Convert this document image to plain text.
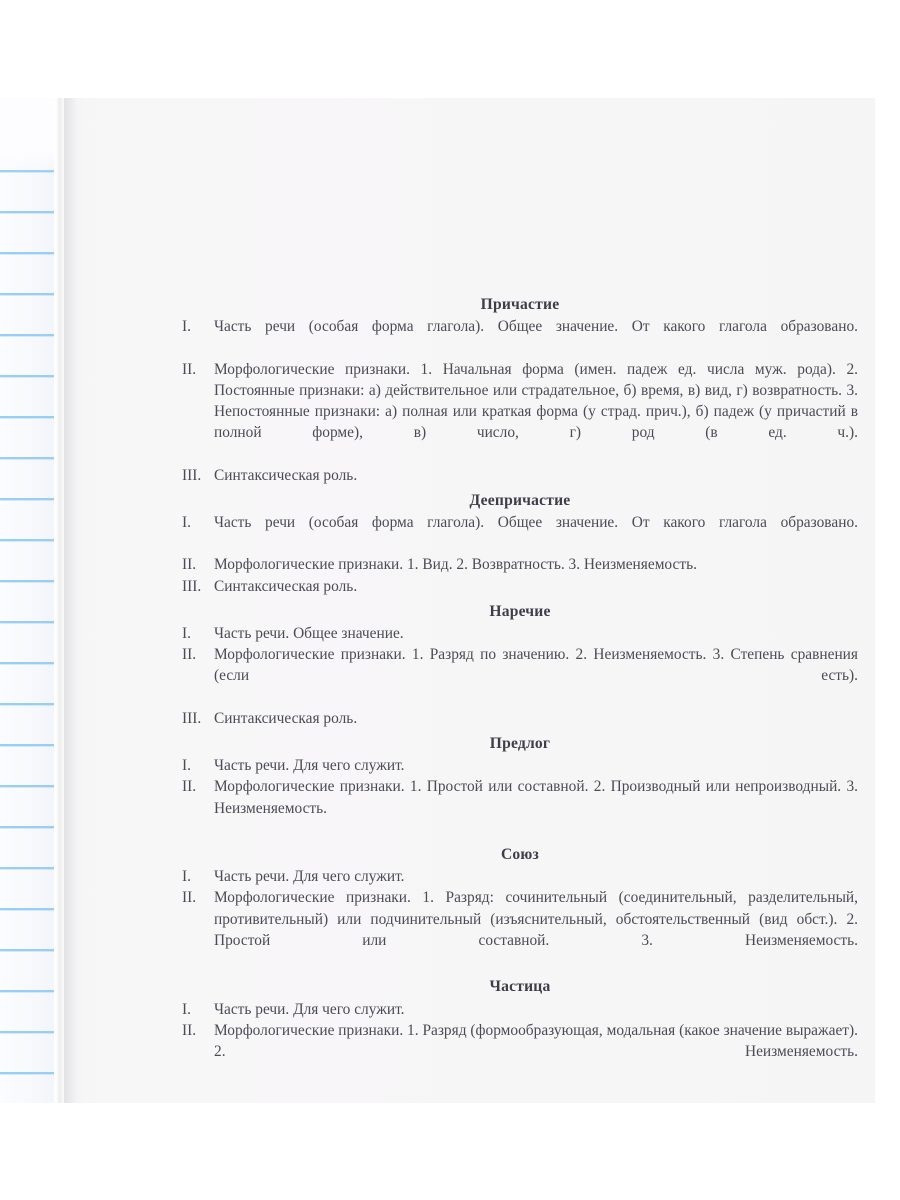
Причастие
I.	Часть речи (особая форма глагола). Общее значение. От какого глагола образовано.
II.	Морфологические признаки. 1. Начальная форма (имен. падеж ед. числа муж. рода). 2. Постоянные признаки: а) действительное или страдательное, б) время, в) вид, г) возвратность. 3. Непостоянные признаки: а) полная или краткая форма (у страд. прич.), б) падеж (у причастий в полной форме), в) число, г) род (в ед. ч.).
III. Синтаксическая роль.
Деепричастие
I.	Часть речи (особая форма глагола). Общее значение. От какого глагола образовано.
II.	Морфологические признаки. 1. Вид. 2. Возвратность. 3. Неизменяемость.
III. Синтаксическая роль.
Наречие
I.	Часть речи. Общее значение.
II.	Морфологические признаки. 1. Разряд по значению. 2. Неизменяемость. 3. Степень сравнения (если есть).
III. Синтаксическая роль.
Предлог
I.	Часть речи. Для чего служит.
II.	Морфологические признаки. 1. Простой или составной. 2. Производный или непроизводный. 3. Неизменяемость.
Союз
I.	Часть речи. Для чего служит.
II.	Морфологические признаки. 1. Разряд: сочинительный (соединительный, разделительный, противительный) или подчинительный (изъяснительный, обстоятельственный (вид обст.). 2. Простой или составной. 3. Неизменяемость.
Частица
I.	Часть речи. Для чего служит.
II.	Морфологические признаки. 1. Разряд (формообразующая, модальная (какое значение выражает). 2. Неизменяемость.
